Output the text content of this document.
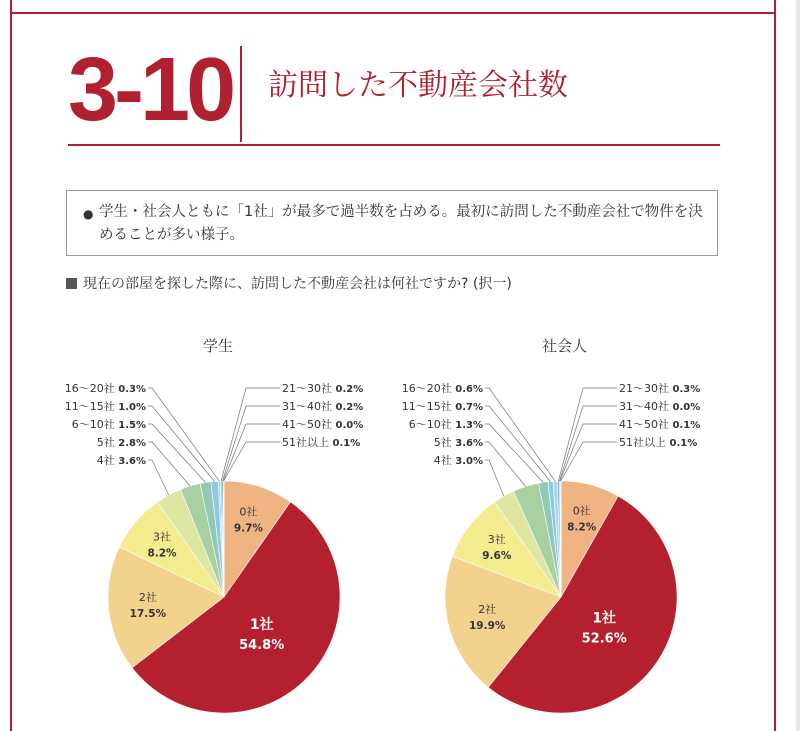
3-10 訪問した不動産会社数
● 学生・社会人ともに「1社」が最多で過半数を占める。最初に訪問した不動産会社で物件を決めることが多い様子。
現在の部屋を探した際に、訪問した不動産会社は何社ですか? (択一)
学生	社会人
0社
9.7%
1社
54.8%
2社
17.5%
3社
8.2%
4社 3.6%
5社 2.8%
6〜10社 1.5%
11〜15社 1.0%
16〜20社 0.3%	21〜30社 0.2%
31〜40社 0.2%
41〜50社 0.0%
51社以上 0.1%
0社
8.2%
1社
52.6%
2社
19.9%
3社
9.6%
4社 3.0%
5社 3.6%
6〜10社 1.3%
11〜15社 0.7%
16〜20社 0.6%	21〜30社 0.3%
31〜40社 0.0%
41〜50社 0.1%
51社以上 0.1%
